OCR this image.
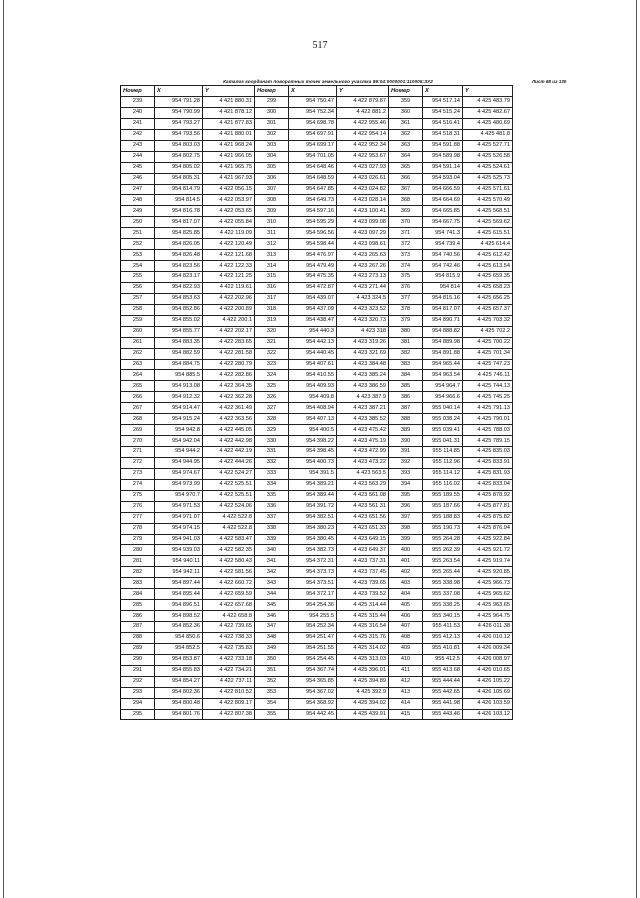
517
Каталог координат поворотных точек земельного участка 86:04:0000001:110005:ЗУ2	Лист 68 из 130
Номер	X	Y	Номер	X	Y	Номер	X	Y
239	954 791.28	4 421 880.31	299	954 750.47	4 422 879.87	359	954 517.14	4 425 483.79
240	954 790.99	4 421 878.12	300	954 752.34	4 422 881.2	360	954 515.24	4 425 482.67
241	954 793.27	4 421 877.83	301	954 698.78	4 422 955.46	361	954 516.41	4 425 480.69
242	954 793.56	4 421 880.01	302	954 697.91	4 422 954.14	362	954 518.31	4 425 481.8
243	954 803.03	4 421 968.24	303	954 699.17	4 422 952.34	363	954 591.88	4 425 527.71
244	954 802.75	4 421 966.05	304	954 701.05	4 422 953.67	364	954 589.98	4 425 526.58
245	954 805.02	4 421 965.75	305	954 648.46	4 423 027.93	365	954 591.14	4 425 524.61
246	954 805.31	4 421 967.93	306	954 648.59	4 423 026.61	366	954 593.04	4 425 525.73
247	954 814.79	4 422 056.15	307	954 647.85	4 423 024.82	367	954 666.59	4 425 571.61
248	954 814.5	4 422 053.97	308	954 649.73	4 423 028.14	368	954 664.69	4 425 570.49
249	954 816.78	4 422 053.65	309	954 597.16	4 423 100.41	369	954 665.85	4 425 568.51
250	954 817.07	4 422 055.84	310	954 595.29	4 423 099.08	370	954 667.75	4 425 569.62
251	954 825.85	4 422 119.09	311	954 596.56	4 423 097.29	371	954 741.3	4 425 615.51
252	954 826.05	4 422 120.49	312	954 598.44	4 423 098.61	372	954 739.4	4 425 614.4
253	954 826.48	4 422 121.68	313	954 476.97	4 423 265.63	373	954 740.56	4 425 612.42
254	954 823.56	4 422 122.33	314	954 479.49	4 423 267.26	374	954 742.46	4 425 613.54
255	954 823.17	4 422 121.25	315	954 475.35	4 423 273.13	375	954 815.9	4 425 659.35
256	954 822.93	4 422 119.61	316	954 472.87	4 423 271.44	376	954 814	4 425 658.23
257	954 853.63	4 422 202.96	317	954 439.07	4 423 324.5	377	954 815.16	4 425 656.25
258	954 852.86	4 422 200.89	318	954 437.09	4 423 323.52	378	954 817.07	4 425 657.37
259	954 855.02	4 422 200.1	319	954 438.47	4 423 320.73	379	954 890.71	4 425 703.32
260	954 855.77	4 422 202.17	320	954 440.3	4 423 318	380	954 888.82	4 425 702.2
261	954 883.35	4 422 283.65	321	954 442.13	4 423 319.26	381	954 889.98	4 425 700.22
262	954 882.59	4 422 281.58	322	954 440.45	4 423 321.69	382	954 891.88	4 425 701.34
263	954 884.75	4 422 280.79	323	954 407.61	4 423 384.48	383	954 965.44	4 425 747.23
264	954 885.5	4 422 282.86	324	954 410.55	4 423 385.24	384	954 963.54	4 425 746.11
265	954 913.08	4 422 364.35	325	954 409.93	4 423 386.59	385	954 964.7	4 425 744.13
266	954 912.32	4 422 362.28	326	954 409.8	4 423 387.9	386	954 966.6	4 425 745.25
267	954 914.47	4 422 361.49	327	954 408.94	4 423 387.21	387	955 040.14	4 425 791.13
268	954 915.24	4 422 363.56	328	954 407.13	4 423 385.52	388	955 038.24	4 425 790.01
269	954 942.8	4 422 445.05	329	954 400.5	4 423 475.42	389	955 039.41	4 425 788.03
270	954 942.04	4 422 442.98	330	954 398.22	4 423 475.19	390	955 041.31	4 425 789.15
271	954 944.2	4 422 442.19	331	954 398.45	4 423 472.99	391	955 114.85	4 425 835.03
272	954 944.95	4 422 444.26	332	954 400.73	4 423 473.22	392	955 112.96	4 425 833.91
273	954 974.67	4 422 524.27	333	954 391.5	4 423 563.5	393	955 114.12	4 425 831.93
274	954 973.99	4 422 525.51	334	954 389.21	4 423 563.29	394	955 116.02	4 425 833.04
275	954 970.7	4 422 525.51	335	954 389.44	4 423 561.08	395	955 189.55	4 425 878.92
276	954 971.53	4 422 524.06	336	954 391.72	4 423 561.31	396	955 187.66	4 425 877.81
277	954 971.07	4 422 522.8	337	954 382.51	4 423 651.56	397	955 188.83	4 425 875.82
278	954 974.15	4 422 522.8	338	954 380.23	4 423 651.33	398	955 190.73	4 425 876.94
279	954 941.03	4 422 583.47	339	954 380.45	4 423 649.15	399	955 264.28	4 425 922.84
280	954 939.03	4 422 582.35	340	954 382.73	4 423 649.37	400	955 262.39	4 425 921.72
281	954 940.11	4 422 580.43	341	954 372.31	4 423 737.31	401	955 263.54	4 425 919.74
282	954 942.11	4 422 581.56	342	954 373.73	4 423 737.45	402	955 265.44	4 425 920.85
283	954 897.44	4 422 660.72	343	954 373.51	4 423 739.65	403	955 338.98	4 425 966.73
284	954 895.44	4 422 659.59	344	954 372.17	4 423 739.52	404	955 337.08	4 425 965.62
285	954 896.51	4 422 657.68	345	954 254.36	4 425 314.44	405	955 338.25	4 425 963.65
286	954 898.52	4 422 658.8	346	954 255.5	4 425 315.44	406	955 340.15	4 425 964.75
287	954 852.36	4 422 739.65	347	954 252.34	4 425 316.54	407	955 411.53	4 426 011.38
288	954 850.6	4 422 738.33	348	954 251.47	4 425 315.76	408	955 412.13	4 426 010.12
289	954 852.5	4 422 735.83	349	954 251.55	4 425 314.02	409	955 410.81	4 426 009.34
290	954 853.87	4 422 733.18	350	954 254.45	4 425 313.03	410	955 412.5	4 426 008.97
291	954 855.83	4 422 734.21	351	954 367.74	4 425 396.01	411	955 413.68	4 426 010.65
292	954 854.27	4 422 737.11	352	954 365.85	4 425 394.89	412	955 444.44	4 426 105.22
293	954 802.36	4 422 810.52	353	954 367.02	4 425 392.9	413	955 442.65	4 426 105.69
294	954 800.48	4 422 809.17	354	954 368.92	4 425 394.02	414	955 441.98	4 426 103.59
295	954 801.76	4 422 807.38	355	954 442.45	4 425 439.91	415	955 443.46	4 426 103.12
